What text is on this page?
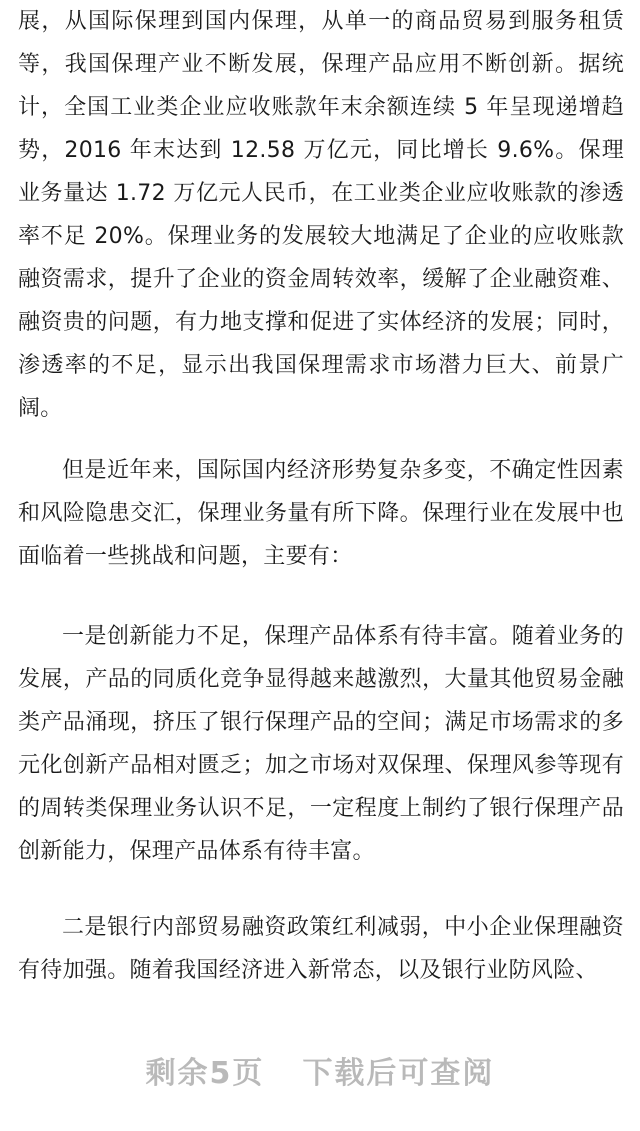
展，从国际保理到国内保理，从单一的商品贸易到服务租赁等，我国保理产业不断发展，保理产品应用不断创新。据统计，全国工业类企业应收账款年末余额连续 5 年呈现递增趋势，2016 年末达到 12.58 万亿元，同比增长 9.6%。保理业务量达 1.72 万亿元人民币，在工业类企业应收账款的渗透率不足 20%。保理业务的发展较大地满足了企业的应收账款融资需求，提升了企业的资金周转效率，缓解了企业融资难、融资贵的问题，有力地支撑和促进了实体经济的发展；同时，渗透率的不足，显示出我国保理需求市场潜力巨大、前景广阔。

但是近年来，国际国内经济形势复杂多变，不确定性因素和风险隐患交汇，保理业务量有所下降。保理行业在发展中也面临着一些挑战和问题，主要有：

一是创新能力不足，保理产品体系有待丰富。随着业务的发展，产品的同质化竞争显得越来越激烈，大量其他贸易金融类产品涌现，挤压了银行保理产品的空间；满足市场需求的多元化创新产品相对匮乏；加之市场对双保理、保理风参等现有的周转类保理业务认识不足，一定程度上制约了银行保理产品创新能力，保理产品体系有待丰富。

二是银行内部贸易融资政策红利减弱，中小企业保理融资有待加强。随着我国经济进入新常态，以及银行业防风险、

剩余5页 下载后可查阅
